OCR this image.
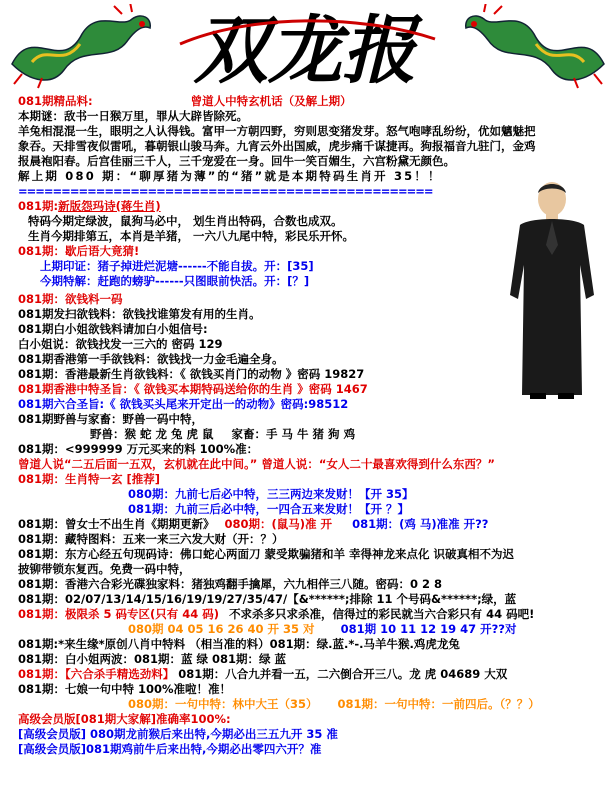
双龙报
081期精品料:	曾道人中特玄机话（及解上期）
本期谜：敌书一日猴万里，罪从大辟皆除死。
羊兔相混混一生，眼明之人认得钱。富甲一方朝四野，穷则思变猪发芽。怒气咆哮乱纷纷，优如魑魅把
象吞。天排雪夜似雷吼，暮朝银山骏马奔。九宵云外出国威，虎步痛千谋捷再。狗报福音九驻门，金鸡
报晨袍阳春。后宫佳丽三千人，三千宠爱在一身。回牛一笑百媚生，六宫粉黛无颜色。
解上期 080 期：“聊厚猪为薄”的“猪”就是本期特码生肖开 35！！
================================================
081期:新版怨玛诗(蒋生肖)
特码今期定绿波，鼠狗马必中， 划生肖出特码，合数也成双。
生肖今期排第五，本肖是羊猪， 一六八九尾中特，彩民乐开怀。
081期：歇后语大竟猜!
上期印证：猪子掉进烂泥塘------不能自拔。开：[35]
今期特解：赶跑的螃驴------只图眼前快活。开：[？]
081期：欲钱料一码
081期发扫欲钱料：欲钱找谁第发有用的生肖。
081期白小姐欲钱料请加白小姐信号:
白小姐说：欲钱找发一三六的 密码 129
081期香港第一手欲钱料：欲钱找一力金毛遍全身。
081期：香港最新生肖欲钱料：《 欲钱买肖门的动物 》密码 19827
081期香港中特圣旨：《 欲钱买本期特码送给你的生肖 》密码 1467
081期六合圣旨:《 欲钱买头尾来开定出一的动物》密码:98512
081期野兽与家畜：野兽一码中特，
野兽：猴 蛇 龙 兔 虎 鼠 家畜：手 马 牛 猪 狗 鸡
081期：<999999 万元买来的料 100%准：
曾道人说“二五后面一五双，玄机就在此中间。” 曾道人说：“女人二十最喜欢得到什么东西？”
081期：生肖特一玄 [推荐]
080期：九前七后必中特，三三两边来发财！【开 35】
081期：九前三后必中特，一四合五来发财！【开 ？】
081期：曾女士不出生肖《期期更新》 080期：(鼠马)准 开 081期：(鸡 马)准准 开??
081期：藏特图料：五来一来三六发大财（开：？）
081期：东方心经五句现码诗：佛口蛇心两面刀 蒙受欺骗猪和羊 幸得神龙来点化 识破真相不为迟
披铆带锁东复西。免费一码中特，
081期：香港六合彩光碟独家料：猪独鸡翻手擒犀，六九相伴三八随。密码：0 2 8
081期：02/07/13/14/15/16/19/19/27/35/47/【&******;排除 11 个号码&******;绿，蓝
081期：极限杀 5 码专区(只有 44 码) 不求杀多只求杀准，信得过的彩民就当六合彩只有 44 码吧!
080期 04 05 16 26 40 开 35 对 081期 10 11 12 19 47 开??对
081期:*来生缘*原创八肖中特料 （相当准的料）081期：绿.蓝.*-.马羊牛猴.鸡虎龙兔
081期：白小姐两波：081期：蓝 绿 081期：绿 蓝
081期：【六合杀手精选劲料】 081期：八合九并看一五，二六倒合开三八。龙 虎 04689 大双
081期：七娘一句中特 100%准啦！准！
080期：一句中特：林中大王（35） 081期：一句中特：一前四后。（？？）
高级会员版[081期大家解]准确率100%:
[高级会员版] 080期龙前猴后来出特,今期必出三五九开 35 准
[高级会员版]081期鸡前牛后来出特,今期必出零四六开？准
